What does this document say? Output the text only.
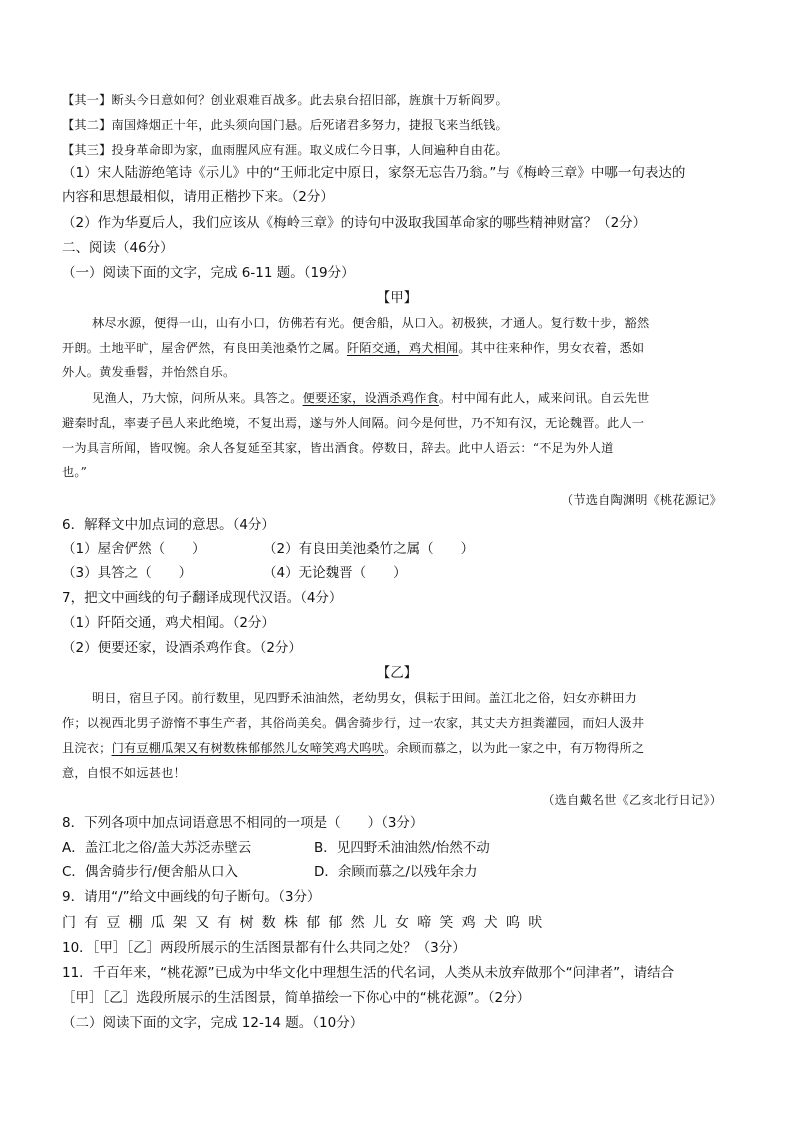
【其一】断头今日意如何？创业艰难百战多。此去泉台招旧部，旌旗十万斩阎罗。
【其二】南国烽烟正十年，此头须向国门悬。后死诸君多努力，捷报飞来当纸钱。
【其三】投身革命即为家，血雨腥风应有涯。取义成仁今日事，人间遍种自由花。
（1）宋人陆游绝笔诗《示儿》中的“王师北定中原日，家祭无忘告乃翁。”与《梅岭三章》中哪一句表达的
内容和思想最相似，请用正楷抄下来。（2分）
（2）作为华夏后人，我们应该从《梅岭三章》的诗句中汲取我国革命家的哪些精神财富？（2分）
二、阅读（46分）
（一）阅读下面的文字，完成 6-11 题。（19分）
【甲】
林尽水源，便得一山，山有小口，仿佛若有光。便舍船，从口入。初极狭，才通人。复行数十步，豁然
开朗。土地平旷，屋舍俨然，有良田美池桑竹之属。阡陌交通，鸡犬相闻。其中往来种作，男女衣着，悉如
外人。黄发垂髫，并怡然自乐。
见渔人，乃大惊，问所从来。具答之。便要还家，设酒杀鸡作食。村中闻有此人，咸来问讯。自云先世
避秦时乱，率妻子邑人来此绝境，不复出焉，遂与外人间隔。问今是何世，乃不知有汉，无论魏晋。此人一
一为具言所闻，皆叹惋。余人各复延至其家，皆出酒食。停数日，辞去。此中人语云：“不足为外人道
也。”
（节选自陶渊明《桃花源记》
6．解释文中加点词的意思。（4分）
（1）屋舍俨然（　　）	（2）有良田美池桑竹之属（　　）
（3）具答之（　　）	（4）无论魏晋（　　）
7，把文中画线的句子翻译成现代汉语。（4分）
（1）阡陌交通，鸡犬相闻。（2分）
（2）便要还家，设酒杀鸡作食。（2分）
【乙】
明日，宿旦子冈。前行数里，见四野禾油油然，老幼男女，俱耘于田间。盖江北之俗，妇女亦耕田力
作；以视西北男子游惰不事生产者，其俗尚美矣。偶舍骑步行，过一农家，其丈夫方担粪灌园，而妇人汲井
且浣衣；门有豆棚瓜架又有树数株郁郁然儿女啼笑鸡犬呜吠。余顾而慕之，以为此一家之中，有万物得所之
意，自恨不如远甚也！
（选自戴名世《乙亥北行日记》）
8．下列各项中加点词语意思不相同的一项是（　　）（3分）
A．盖江北之俗/盖大苏泛赤壁云	B．见四野禾油油然/怡然不动
C．偶舍骑步行/便舍船从口入	D．余顾而慕之/以残年余力
9．请用“/”给文中画线的句子断句。（3分）
门有豆棚瓜架又有树数株郁郁然儿女啼笑鸡犬呜吠
10．［甲］［乙］两段所展示的生活图景都有什么共同之处？（3分）
11．千百年来，“桃花源”已成为中华文化中理想生活的代名词，人类从未放弃做那个“问津者”，请结合
［甲］［乙］选段所展示的生活图景，简单描绘一下你心中的“桃花源”。（2分）
（二）阅读下面的文字，完成 12-14 题。（10分）
